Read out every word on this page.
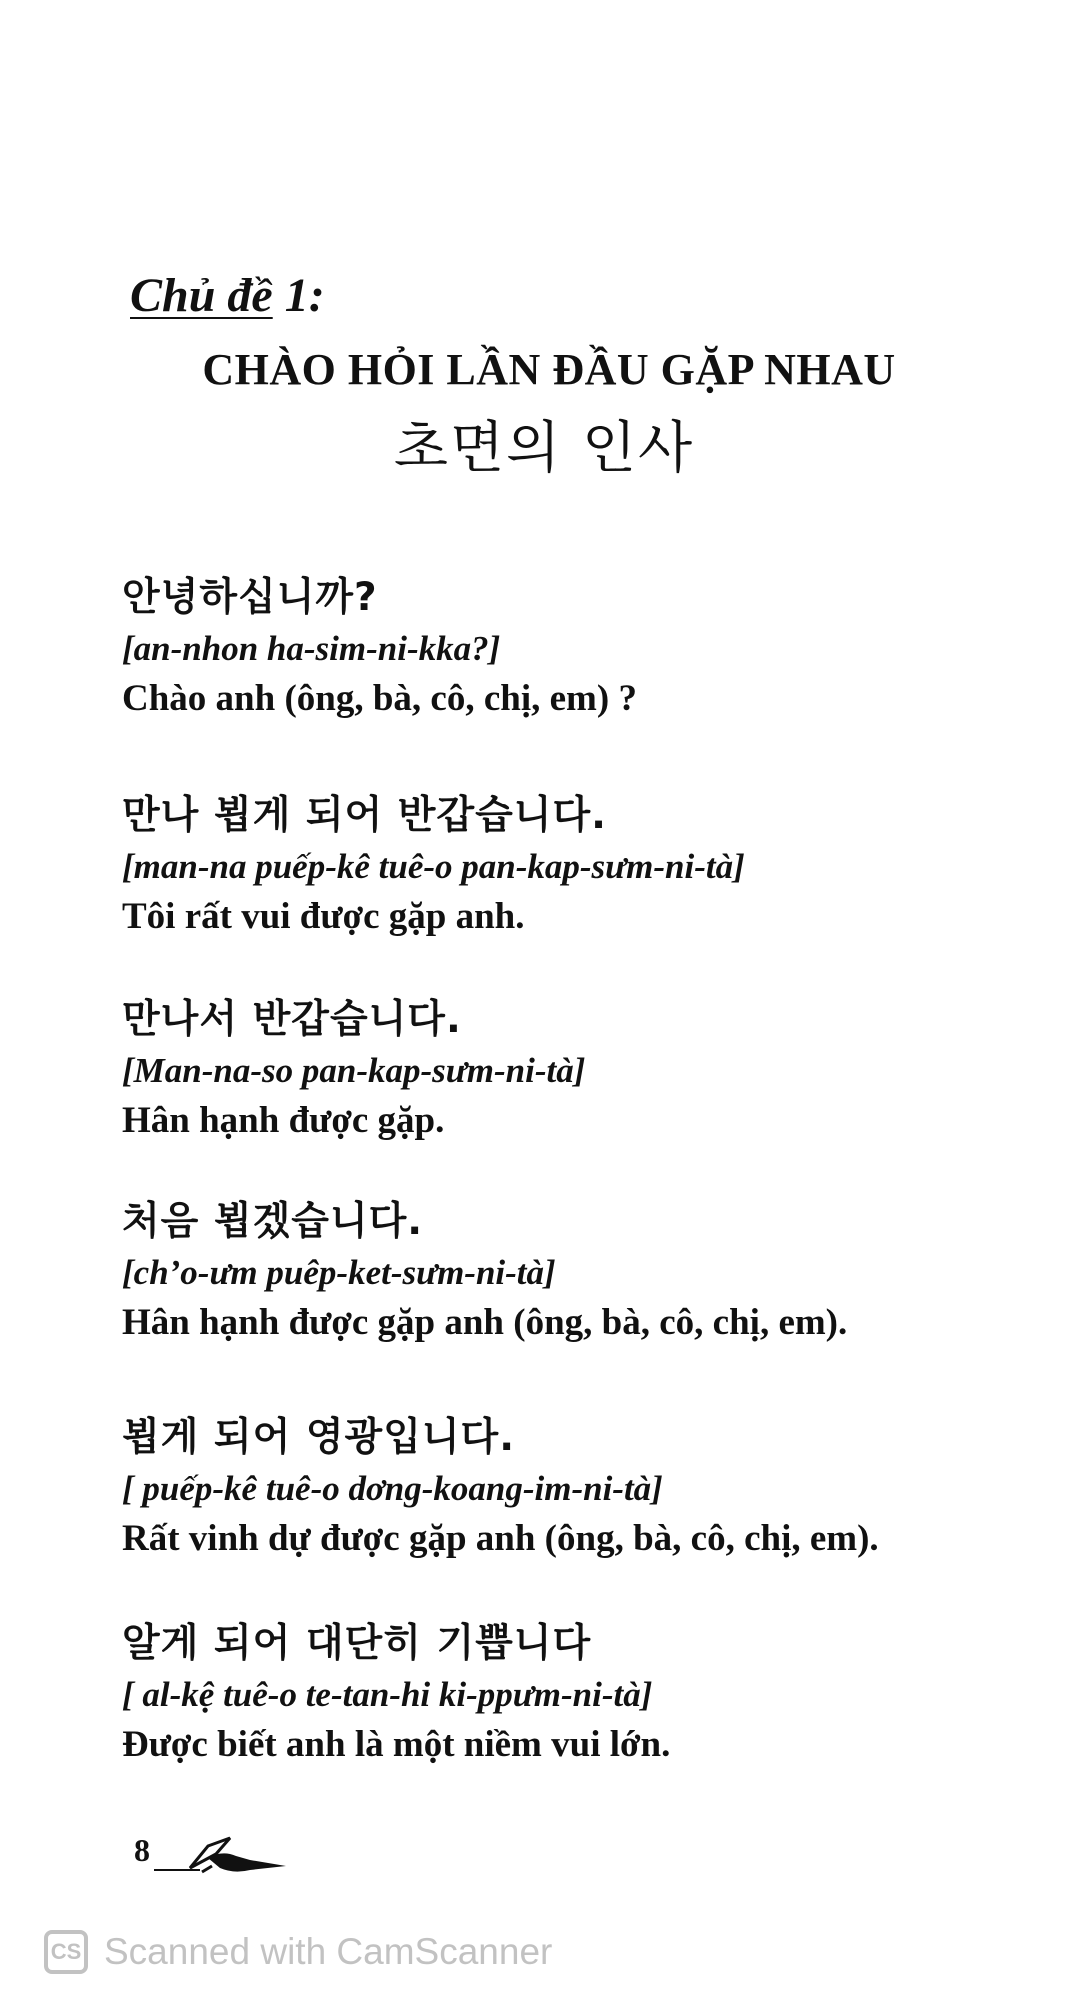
Chủ đề 1:
CHÀO HỎI LẦN ĐẦU GẶP NHAU
초면의 인사
안녕하십니까?
[an-nhon ha-sim-ni-kka?]
Chào anh (ông, bà, cô, chị, em) ?
만나 뵙게 되어 반갑습니다.
[man-na puếp-kê tuê-o pan-kap-sưm-ni-tà]
Tôi rất vui được gặp anh.
만나서 반갑습니다.
[Man-na-so pan-kap-sưm-ni-tà]
Hân hạnh được gặp.
처음 뵙겠습니다.
[ch’o-ưm puêp-ket-sưm-ni-tà]
Hân hạnh được gặp anh (ông, bà, cô, chị, em).
뵙게 되어 영광입니다.
[ puếp-kê tuê-o dơng-koang-im-ni-tà]
Rất vinh dự được gặp anh (ông, bà, cô, chị, em).
알게 되어 대단히 기쁩니다
[ al-kệ tuê-o te-tan-hi ki-ppưm-ni-tà]
Được biết anh là một niềm vui lớn.
8
CS Scanned with CamScanner
